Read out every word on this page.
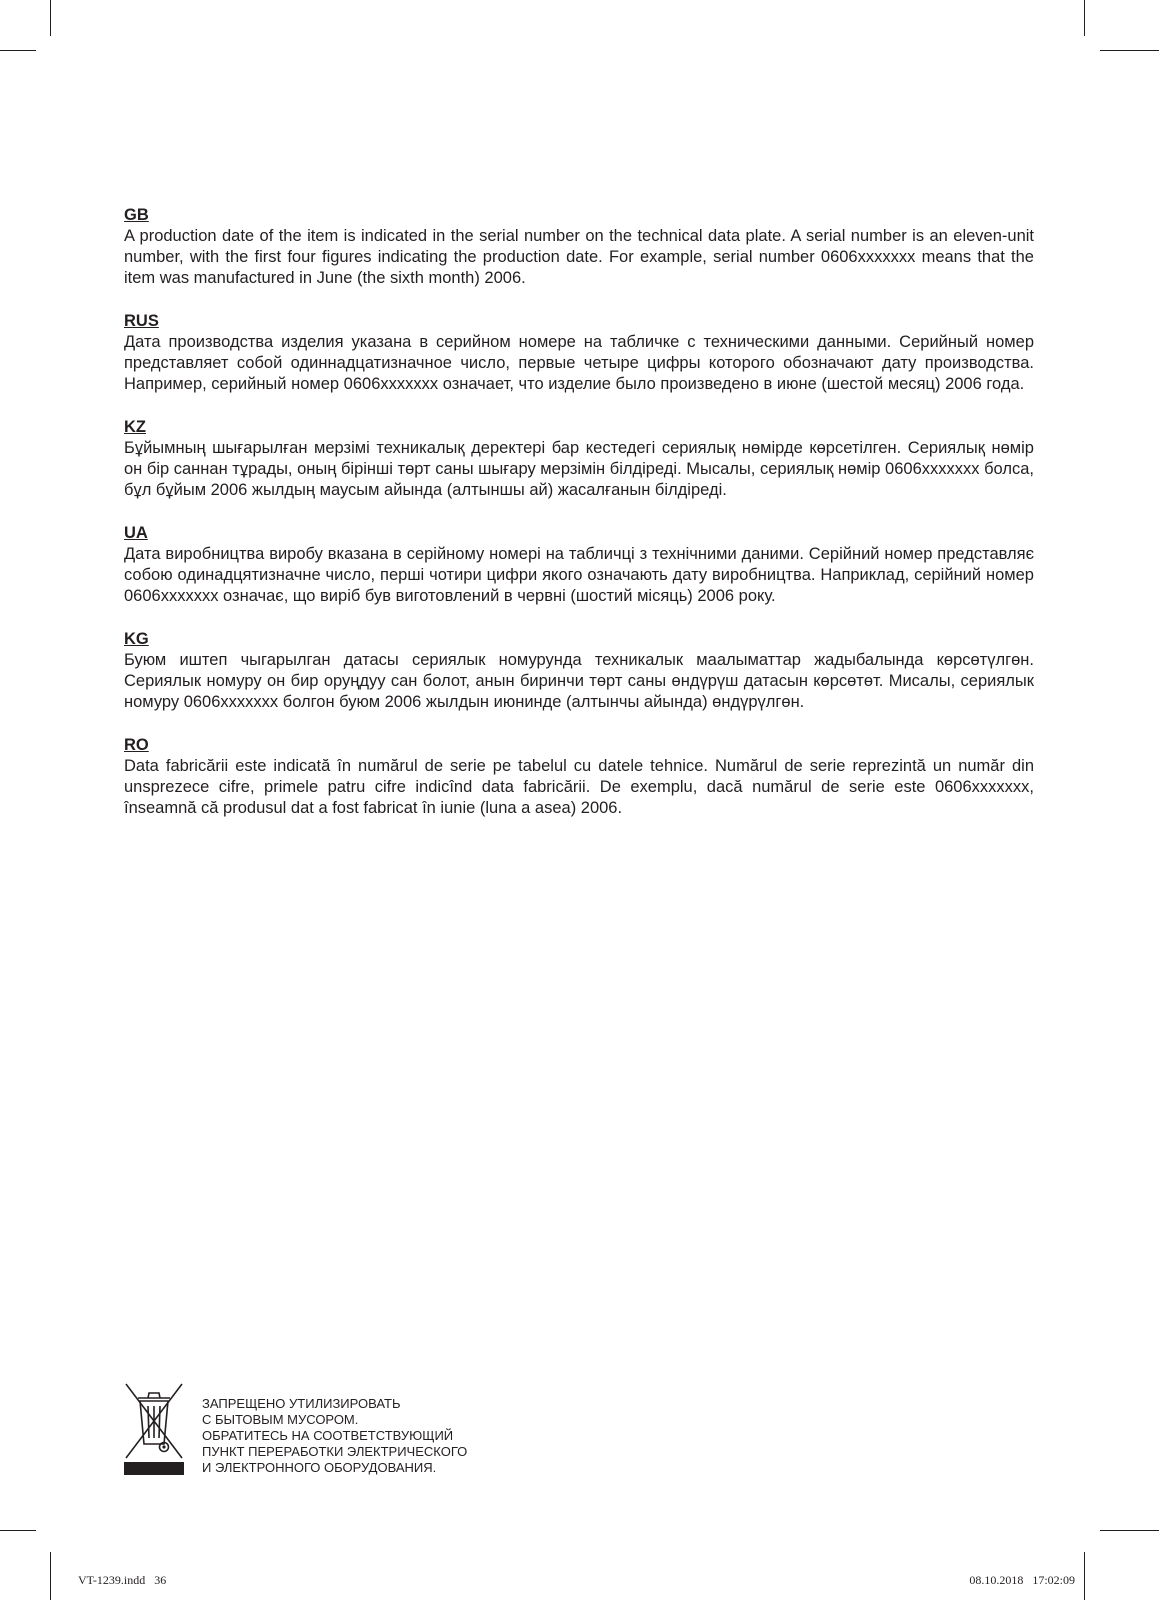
GB

A production date of the item is indicated in the serial number on the technical data plate. A serial number is an eleven-unit number, with the first four figures indicating the production date. For example, serial number 0606xxxxxxx means that the item was manufactured in June (the sixth month) 2006.

RUS

Дата производства изделия указана в серийном номере на табличке с техническими данными. Серийный номер представляет собой одиннадцатизначное число, первые четыре цифры которого обозначают дату производства. Например, серийный номер 0606xxxxxxx означает, что изделие было произведено в июне (шестой месяц) 2006 года.

KZ

Бұйымның шығарылған мерзімі техникалық деректері бар кестедегі сериялық нөмірде көрсетілген. Сериялық нөмір он бір саннан тұрады, оның бірінші төрт саны шығару мерзімін білдіреді. Мысалы, сериялық нөмір 0606xxxxxxx болса, бұл бұйым 2006 жылдың маусым айында (алтыншы ай) жасалғанын білдіреді.

UA

Дата виробництва виробу вказана в серійному номері на табличці з технічними даними. Серійний номер представляє собою одинадцятизначне число, перші чотири цифри якого означають дату виробництва. Наприклад, серійний номер 0606xxxxxxx означає, що виріб був виготовлений в червні (шостий місяць) 2006 року.

KG

Буюм иштеп чыгарылган датасы сериялык номурунда техникалык маалыматтар жадыбалында көрсөтүлгөн. Сериялык номуру он бир оруңдуу сан болот, анын биринчи төрт саны өндүрүш датасын көрсөтөт. Мисалы, сериялык номуру 0606xxxxxxx болгон буюм 2006 жылдын июнинде (алтынчы айында) өндүрүлгөн.

RO

Data fabricării este indicată în numărul de serie pe tabelul cu datele tehnice. Numărul de serie reprezintă un număr din unsprezece cifre, primele patru cifre indicînd data fabricării. De exemplu, dacă numărul de serie este 0606xxxxxxx, înseamnă că produsul dat a fost fabricat în iunie (luna a asea) 2006.

ЗАПРЕЩЕНО УТИЛИЗИРОВАТЬ
С БЫТОВЫМ МУСОРОМ.
ОБРАТИТЕСЬ НА СООТВЕТСТВУЮЩИЙ
ПУНКТ ПЕРЕРАБОТКИ ЭЛЕКТРИЧЕСКОГО
И ЭЛЕКТРОННОГО ОБОРУДОВАНИЯ.
VT-1239.indd   36	08.10.2018   17:02:09
